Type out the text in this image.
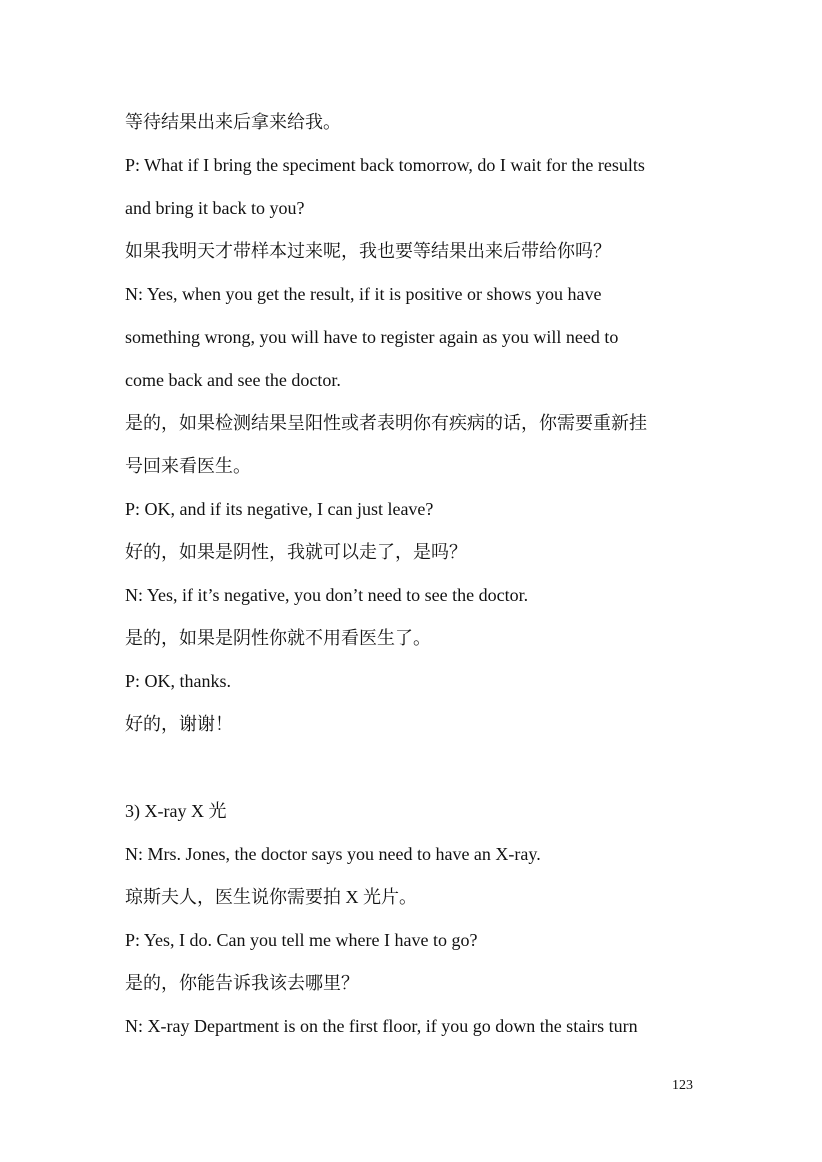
等待结果出来后拿来给我。
P: What if I bring the speciment back tomorrow, do I wait for the results
and bring it back to you?
如果我明天才带样本过来呢，我也要等结果出来后带给你吗？
N: Yes, when you get the result, if it is positive or shows you have
something wrong, you will have to register again as you will need to
come back and see the doctor.
是的，如果检测结果呈阳性或者表明你有疾病的话，你需要重新挂
号回来看医生。
P: OK, and if its negative, I can just leave?
好的，如果是阴性，我就可以走了，是吗？
N: Yes, if it’s negative, you don’t need to see the doctor.
是的，如果是阴性你就不用看医生了。
P: OK, thanks.
好的，谢谢！
3) X-ray X 光
N: Mrs. Jones, the doctor says you need to have an X-ray.
琼斯夫人，医生说你需要拍 X 光片。
P: Yes, I do. Can you tell me where I have to go?
是的，你能告诉我该去哪里？
N: X-ray Department is on the first floor, if you go down the stairs turn
123
